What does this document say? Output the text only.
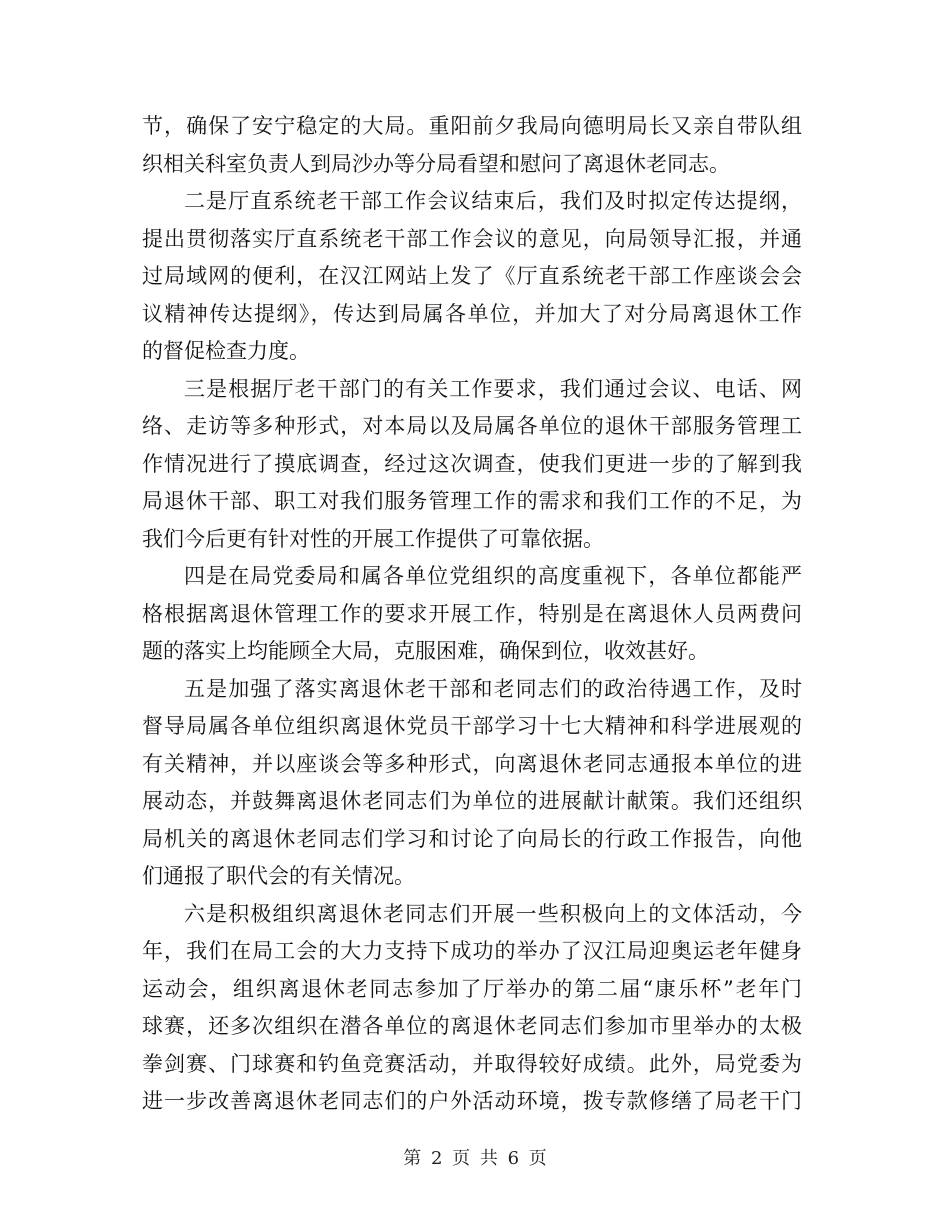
节，确保了安宁稳定的大局。重阳前夕我局向德明局长又亲自带队组
织相关科室负责人到局沙办等分局看望和慰问了离退休老同志。
二是厅直系统老干部工作会议结束后，我们及时拟定传达提纲，
提出贯彻落实厅直系统老干部工作会议的意见，向局领导汇报，并通
过局域网的便利，在汉江网站上发了《厅直系统老干部工作座谈会会
议精神传达提纲》，传达到局属各单位，并加大了对分局离退休工作
的督促检查力度。
三是根据厅老干部门的有关工作要求，我们通过会议、电话、网
络、走访等多种形式，对本局以及局属各单位的退休干部服务管理工
作情况进行了摸底调查，经过这次调查，使我们更进一步的了解到我
局退休干部、职工对我们服务管理工作的需求和我们工作的不足，为
我们今后更有针对性的开展工作提供了可靠依据。
四是在局党委局和属各单位党组织的高度重视下，各单位都能严
格根据离退休管理工作的要求开展工作，特别是在离退休人员两费问
题的落实上均能顾全大局，克服困难，确保到位，收效甚好。
五是加强了落实离退休老干部和老同志们的政治待遇工作，及时
督导局属各单位组织离退休党员干部学习十七大精神和科学进展观的
有关精神，并以座谈会等多种形式，向离退休老同志通报本单位的进
展动态，并鼓舞离退休老同志们为单位的进展献计献策。我们还组织
局机关的离退休老同志们学习和讨论了向局长的行政工作报告，向他
们通报了职代会的有关情况。
六是积极组织离退休老同志们开展一些积极向上的文体活动，今
年，我们在局工会的大力支持下成功的举办了汉江局迎奥运老年健身
运动会，组织离退休老同志参加了厅举办的第二届“康乐杯”老年门
球赛，还多次组织在潜各单位的离退休老同志们参加市里举办的太极
拳剑赛、门球赛和钓鱼竞赛活动，并取得较好成绩。此外，局党委为
进一步改善离退休老同志们的户外活动环境，拨专款修缮了局老干门
第 2 页 共 6 页
